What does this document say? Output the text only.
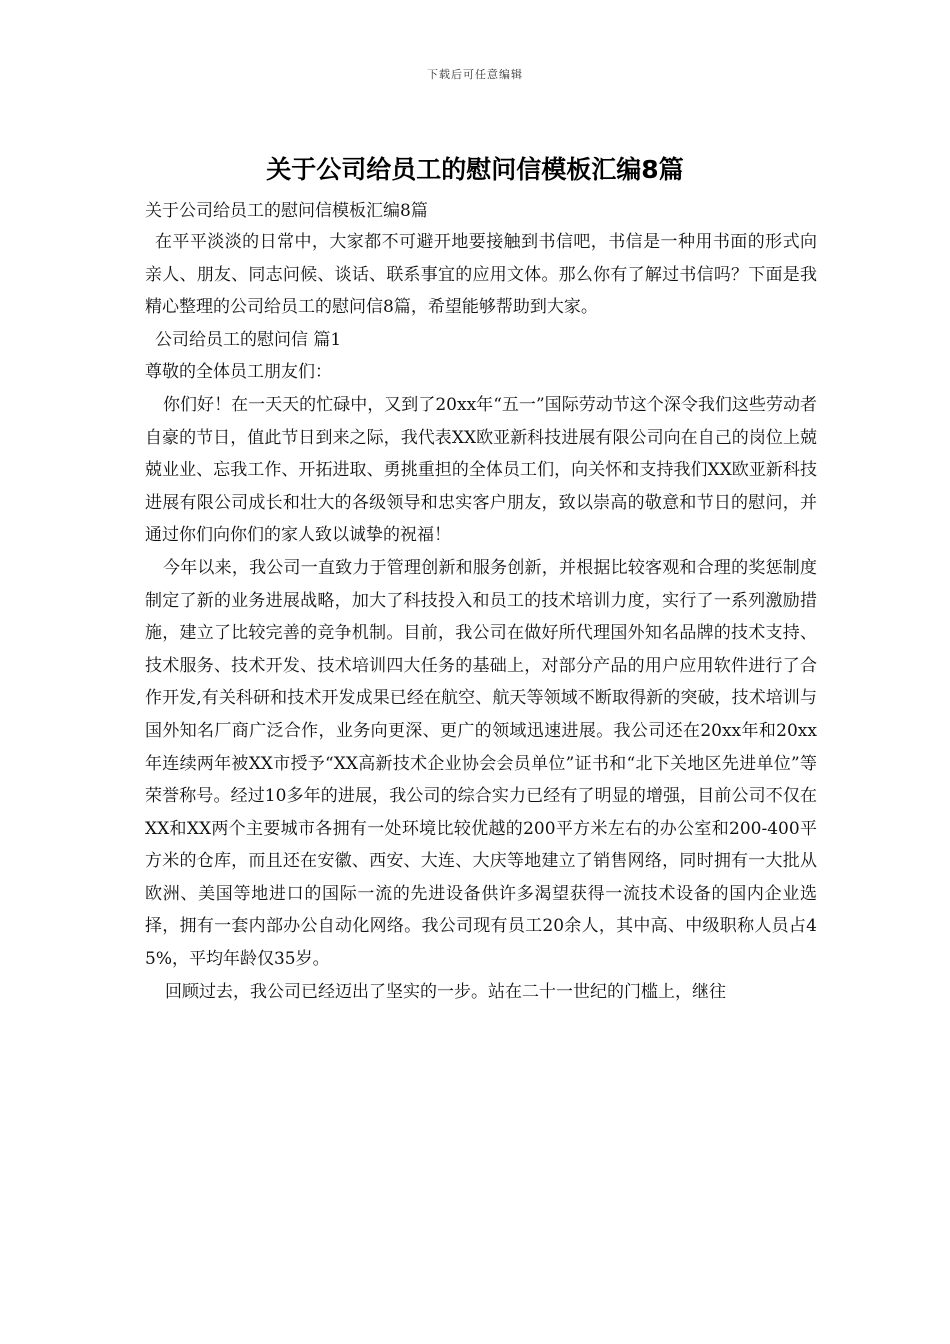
下载后可任意编辑
关于公司给员工的慰问信模板汇编8篇

关于公司给员工的慰问信模板汇编8篇

在平平淡淡的日常中，大家都不可避开地要接触到书信吧，书信是一种用书面的形式向亲人、朋友、同志问候、谈话、联系事宜的应用文体。那么你有了解过书信吗？下面是我精心整理的公司给员工的慰问信8篇，希望能够帮助到大家。

公司给员工的慰问信 篇1

尊敬的全体员工朋友们：

你们好！在一天天的忙碌中，又到了20xx年“五一”国际劳动节这个深令我们这些劳动者自豪的节日，值此节日到来之际，我代表XX欧亚新科技进展有限公司向在自己的岗位上兢兢业业、忘我工作、开拓进取、勇挑重担的全体员工们，向关怀和支持我们XX欧亚新科技进展有限公司成长和壮大的各级领导和忠实客户朋友，致以崇高的敬意和节日的慰问，并通过你们向你们的家人致以诚挚的祝福！

今年以来，我公司一直致力于管理创新和服务创新，并根据比较客观和合理的奖惩制度制定了新的业务进展战略，加大了科技投入和员工的技术培训力度，实行了一系列激励措施，建立了比较完善的竞争机制。目前，我公司在做好所代理国外知名品牌的技术支持、技术服务、技术开发、技术培训四大任务的基础上，对部分产品的用户应用软件进行了合作开发,有关科研和技术开发成果已经在航空、航天等领域不断取得新的突破，技术培训与国外知名厂商广泛合作，业务向更深、更广的领域迅速进展。我公司还在20xx年和20xx年连续两年被XX市授予“XX高新技术企业协会会员单位”证书和“北下关地区先进单位”等荣誉称号。经过10多年的进展，我公司的综合实力已经有了明显的增强，目前公司不仅在XX和XX两个主要城市各拥有一处环境比较优越的200平方米左右的办公室和200-400平方米的仓库，而且还在安徽、西安、大连、大庆等地建立了销售网络，同时拥有一大批从欧洲、美国等地进口的国际一流的先进设备供许多渴望获得一流技术设备的国内企业选择，拥有一套内部办公自动化网络。我公司现有员工20余人，其中高、中级职称人员占45%，平均年龄仅35岁。

回顾过去，我公司已经迈出了坚实的一步。站在二十一世纪的门槛上，继往
